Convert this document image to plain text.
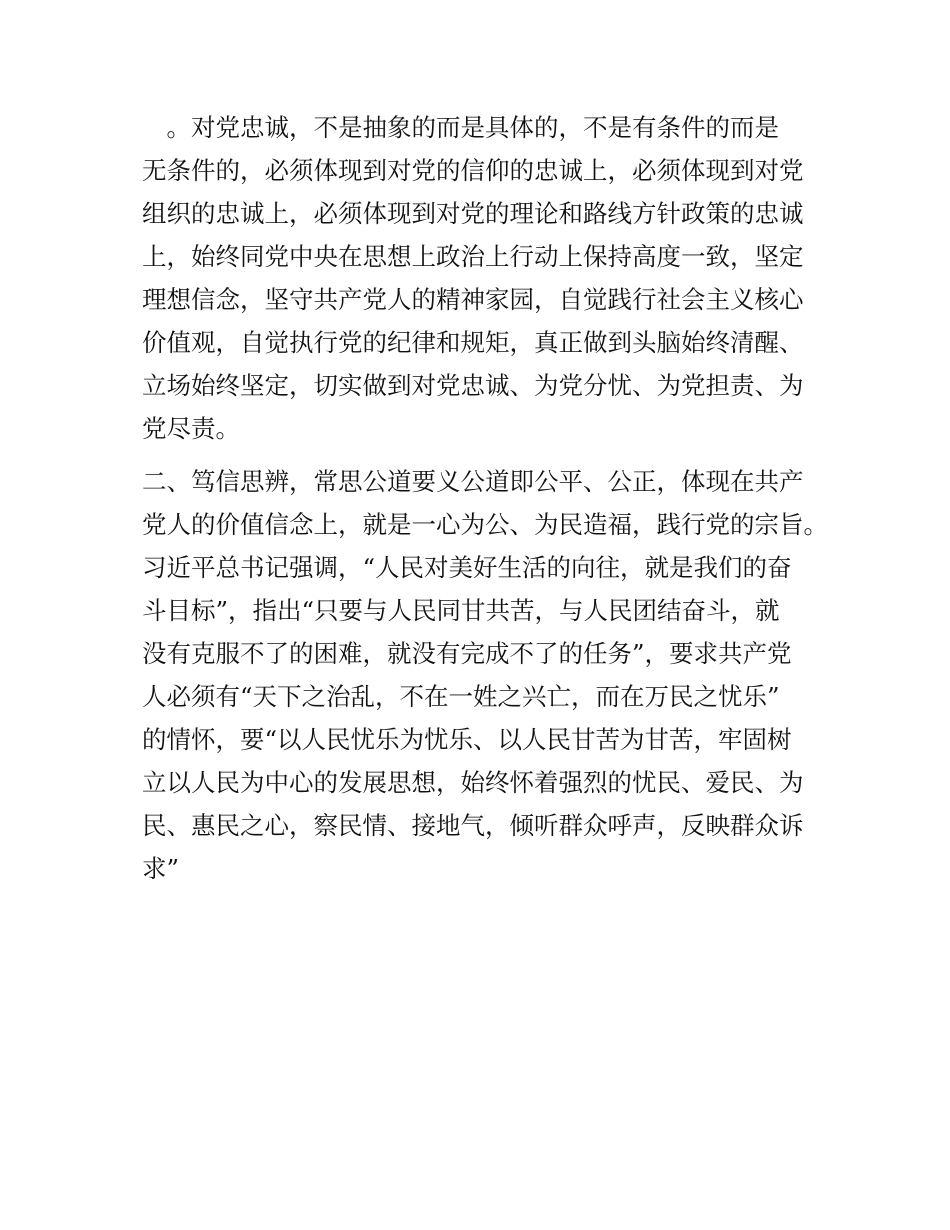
　。对党忠诚，不是抽象的而是具体的，不是有条件的而是
无条件的，必须体现到对党的信仰的忠诚上，必须体现到对党
组织的忠诚上，必须体现到对党的理论和路线方针政策的忠诚
上，始终同党中央在思想上政治上行动上保持高度一致，坚定
理想信念，坚守共产党人的精神家园，自觉践行社会主义核心
价值观，自觉执行党的纪律和规矩，真正做到头脑始终清醒、
立场始终坚定，切实做到对党忠诚、为党分忧、为党担责、为
党尽责。
二、笃信思辨，常思公道要义公道即公平、公正，体现在共产
党人的价值信念上，就是一心为公、为民造福，践行党的宗旨。
习近平总书记强调，“人民对美好生活的向往，就是我们的奋
斗目标”，指出“只要与人民同甘共苦，与人民团结奋斗，就
没有克服不了的困难，就没有完成不了的任务”，要求共产党
人必须有“天下之治乱，不在一姓之兴亡，而在万民之忧乐”
的情怀，要“以人民忧乐为忧乐、以人民甘苦为甘苦，牢固树
立以人民为中心的发展思想，始终怀着强烈的忧民、爱民、为
民、惠民之心，察民情、接地气，倾听群众呼声，反映群众诉
求”
